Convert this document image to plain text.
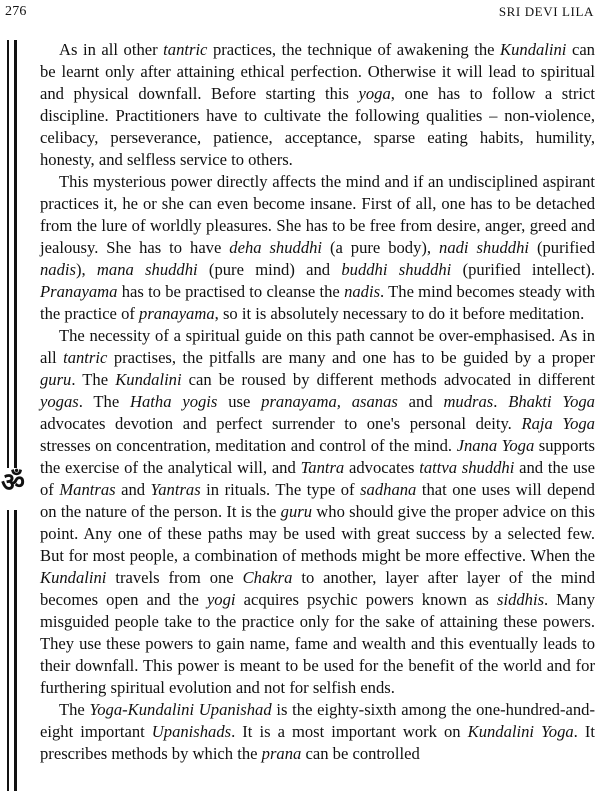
276	SRI DEVI LILA
ॐ

As in all other tantric practices, the technique of awakening the Kundalini can be learnt only after attaining ethical perfection. Otherwise it will lead to spiritual and physical downfall. Before starting this yoga, one has to follow a strict discipline. Practitioners have to cultivate the following qualities – non-violence, celibacy, perseverance, patience, acceptance, sparse eating habits, humility, honesty, and selfless service to others.

This mysterious power directly affects the mind and if an undisciplined aspirant practices it, he or she can even become insane. First of all, one has to be detached from the lure of worldly pleasures. She has to be free from desire, anger, greed and jealousy. She has to have deha shuddhi (a pure body), nadi shuddhi (purified nadis), mana shuddhi (pure mind) and buddhi shuddhi (purified intellect). Pranayama has to be practised to cleanse the nadis. The mind becomes steady with the practice of pranayama, so it is absolutely necessary to do it before meditation.

The necessity of a spiritual guide on this path cannot be over-emphasised. As in all tantric practises, the pitfalls are many and one has to be guided by a proper guru. The Kundalini can be roused by different methods advocated in different yogas. The Hatha yogis use pranayama, asanas and mudras. Bhakti Yoga advocates devotion and perfect surrender to one's personal deity. Raja Yoga stresses on concentration, meditation and control of the mind. Jnana Yoga supports the exercise of the analytical will, and Tantra advocates tattva shuddhi and the use of Mantras and Yantras in rituals. The type of sadhana that one uses will depend on the nature of the person. It is the guru who should give the proper advice on this point. Any one of these paths may be used with great success by a selected few. But for most people, a combination of methods might be more effective. When the Kundalini travels from one Chakra to another, layer after layer of the mind becomes open and the yogi acquires psychic powers known as siddhis. Many misguided people take to the practice only for the sake of attaining these powers. They use these powers to gain name, fame and wealth and this eventually leads to their downfall. This power is meant to be used for the benefit of the world and for furthering spiritual evolution and not for selfish ends.

The Yoga-Kundalini Upanishad is the eighty-sixth among the one-hundred-and-eight important Upanishads. It is a most important work on Kundalini Yoga. It prescribes methods by which the prana can be controlled
